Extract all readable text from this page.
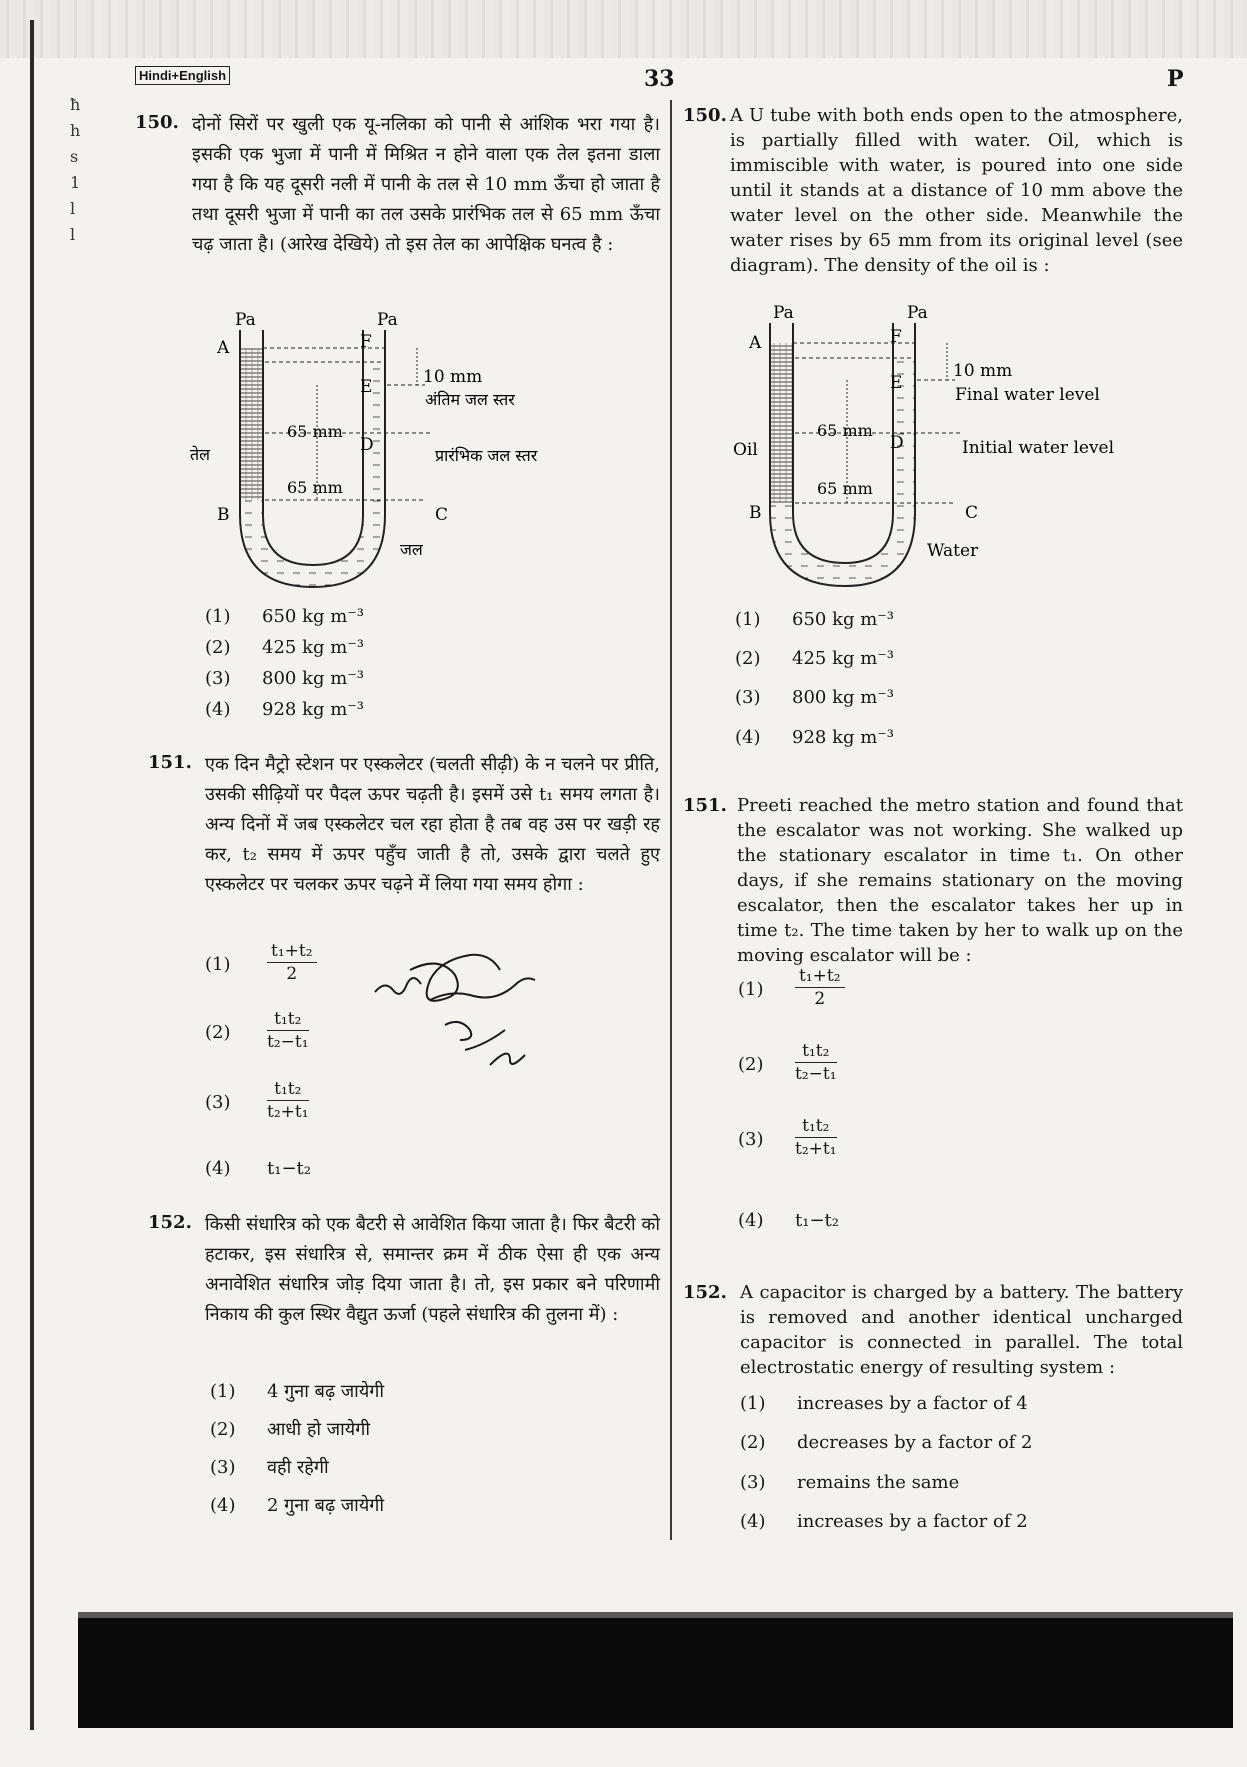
ħ
h
s
1
l
l
Hindi+English	33	P
150. दोनों सिरों पर खुली एक यू-नलिका को पानी से आंशिक भरा गया है। इसकी एक भुजा में पानी में मिश्रित न होने वाला एक तेल इतना डाला गया है कि यह दूसरी नली में पानी के तल से 10 mm ऊँचा हो जाता है तथा दूसरी भुजा में पानी का तल उसके प्रारंभिक तल से 65 mm ऊँचा चढ़ जाता है। (आरेख देखिये) तो इस तेल का आपेक्षिक घनत्व है :
Pa	Pa
A	F
E
D
B	C
10 mm
अंतिम जल स्तर
65 mm
प्रारंभिक जल स्तर
65 mm
तेल
जल
(1) 650 kg m⁻³
(2) 425 kg m⁻³
(3) 800 kg m⁻³
(4) 928 kg m⁻³
151. एक दिन मैट्रो स्टेशन पर एस्कलेटर (चलती सीढ़ी) के न चलने पर प्रीति, उसकी सीढ़ियों पर पैदल ऊपर चढ़ती है। इसमें उसे t₁ समय लगता है। अन्य दिनों में जब एस्कलेटर चल रहा होता है तब वह उस पर खड़ी रह कर, t₂ समय में ऊपर पहुँच जाती है तो, उसके द्वारा चलते हुए एस्कलेटर पर चलकर ऊपर चढ़ने में लिया गया समय होगा :
$(1) \frac{\text{t₁+t₂}}{2}$
$(2) \frac{\text{t₁t₂}}{\text{t₂−t₁}}$
$(3) \frac{\text{t₁t₂}}{\text{t₂+t₁}}$
(4) t₁−t₂
152. किसी संधारित्र को एक बैटरी से आवेशित किया जाता है। फिर बैटरी को हटाकर, इस संधारित्र से, समान्तर क्रम में ठीक ऐसा ही एक अन्य अनावेशित संधारित्र जोड़ दिया जाता है। तो, इस प्रकार बने परिणामी निकाय की कुल स्थिर वैद्युत ऊर्जा (पहले संधारित्र की तुलना में) :
(1) 4 गुना बढ़ जायेगी
(2) आधी हो जायेगी
(3) वही रहेगी
(4) 2 गुना बढ़ जायेगी
150. A U tube with both ends open to the atmosphere, is partially filled with water. Oil, which is immiscible with water, is poured into one side until it stands at a distance of 10 mm above the water level on the other side. Meanwhile the water rises by 65 mm from its original level (see diagram). The density of the oil is :
Pa	Pa
A	F
E
D
B	C
10 mm
Final water level
65 mm
Initial water level
65 mm
Oil
Water
(1) 650 kg m⁻³
(2) 425 kg m⁻³
(3) 800 kg m⁻³
(4) 928 kg m⁻³
151. Preeti reached the metro station and found that the escalator was not working. She walked up the stationary escalator in time t₁. On other days, if she remains stationary on the moving escalator, then the escalator takes her up in time t₂. The time taken by her to walk up on the moving escalator will be :
$(1) \frac{\text{t₁+t₂}}{2}$
$(2) \frac{\text{t₁t₂}}{\text{t₂−t₁}}$
$(3) \frac{\text{t₁t₂}}{\text{t₂+t₁}}$
(4) t₁−t₂
152. A capacitor is charged by a battery. The battery is removed and another identical uncharged capacitor is connected in parallel. The total electrostatic energy of resulting system :
(1) increases by a factor of 4
(2) decreases by a factor of 2
(3) remains the same
(4) increases by a factor of 2
